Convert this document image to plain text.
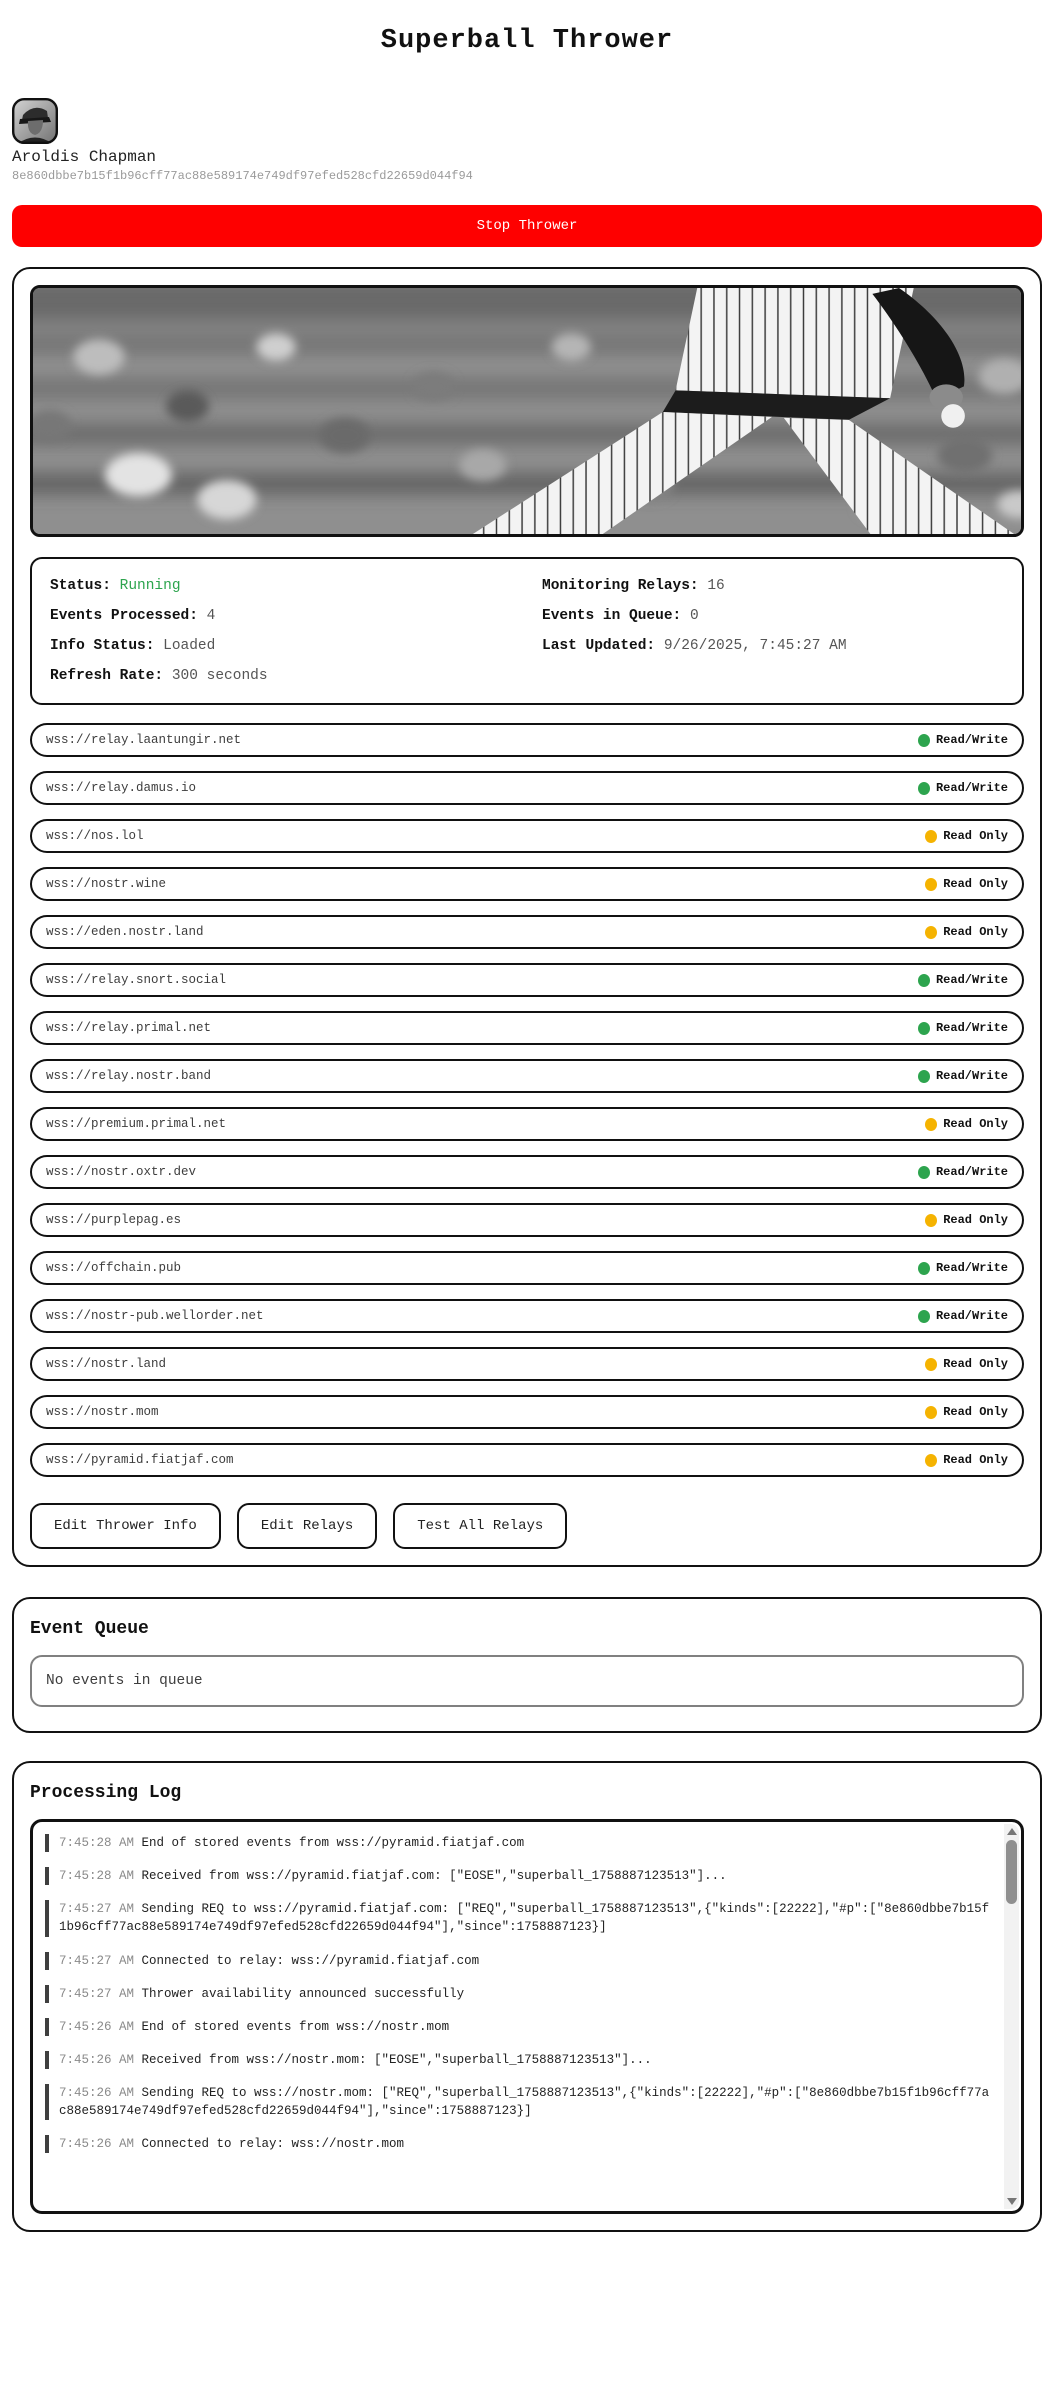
Superball Thrower
Aroldis Chapman
8e860dbbe7b15f1b96cff77ac88e589174e749df97efed528cfd22659d044f94
Stop Thrower
Status: Running
Events Processed: 4
Info Status: Loaded
Refresh Rate: 300 seconds
Monitoring Relays: 16
Events in Queue: 0
Last Updated: 9/26/2025, 7:45:27 AM
wss://relay.laantungir.net	Read/Write
wss://relay.damus.io	Read/Write
wss://nos.lol	Read Only
wss://nostr.wine	Read Only
wss://eden.nostr.land	Read Only
wss://relay.snort.social	Read/Write
wss://relay.primal.net	Read/Write
wss://relay.nostr.band	Read/Write
wss://premium.primal.net	Read Only
wss://nostr.oxtr.dev	Read/Write
wss://purplepag.es	Read Only
wss://offchain.pub	Read/Write
wss://nostr-pub.wellorder.net	Read/Write
wss://nostr.land	Read Only
wss://nostr.mom	Read Only
wss://pyramid.fiatjaf.com	Read Only
Edit Thrower Info	Edit Relays	Test All Relays
Event Queue
No events in queue
Processing Log
7:45:28 AM End of stored events from wss://pyramid.fiatjaf.com
7:45:28 AM Received from wss://pyramid.fiatjaf.com: ["EOSE","superball_1758887123513"]...
7:45:27 AM Sending REQ to wss://pyramid.fiatjaf.com: ["REQ","superball_1758887123513",{"kinds":[22222],"#p":["8e860dbbe7b15f1b96cff77ac88e589174e749df97efed528cfd22659d044f94"],"since":1758887123}]
7:45:27 AM Connected to relay: wss://pyramid.fiatjaf.com
7:45:27 AM Thrower availability announced successfully
7:45:26 AM End of stored events from wss://nostr.mom
7:45:26 AM Received from wss://nostr.mom: ["EOSE","superball_1758887123513"]...
7:45:26 AM Sending REQ to wss://nostr.mom: ["REQ","superball_1758887123513",{"kinds":[22222],"#p":["8e860dbbe7b15f1b96cff77ac88e589174e749df97efed528cfd22659d044f94"],"since":1758887123}]
7:45:26 AM Connected to relay: wss://nostr.mom
